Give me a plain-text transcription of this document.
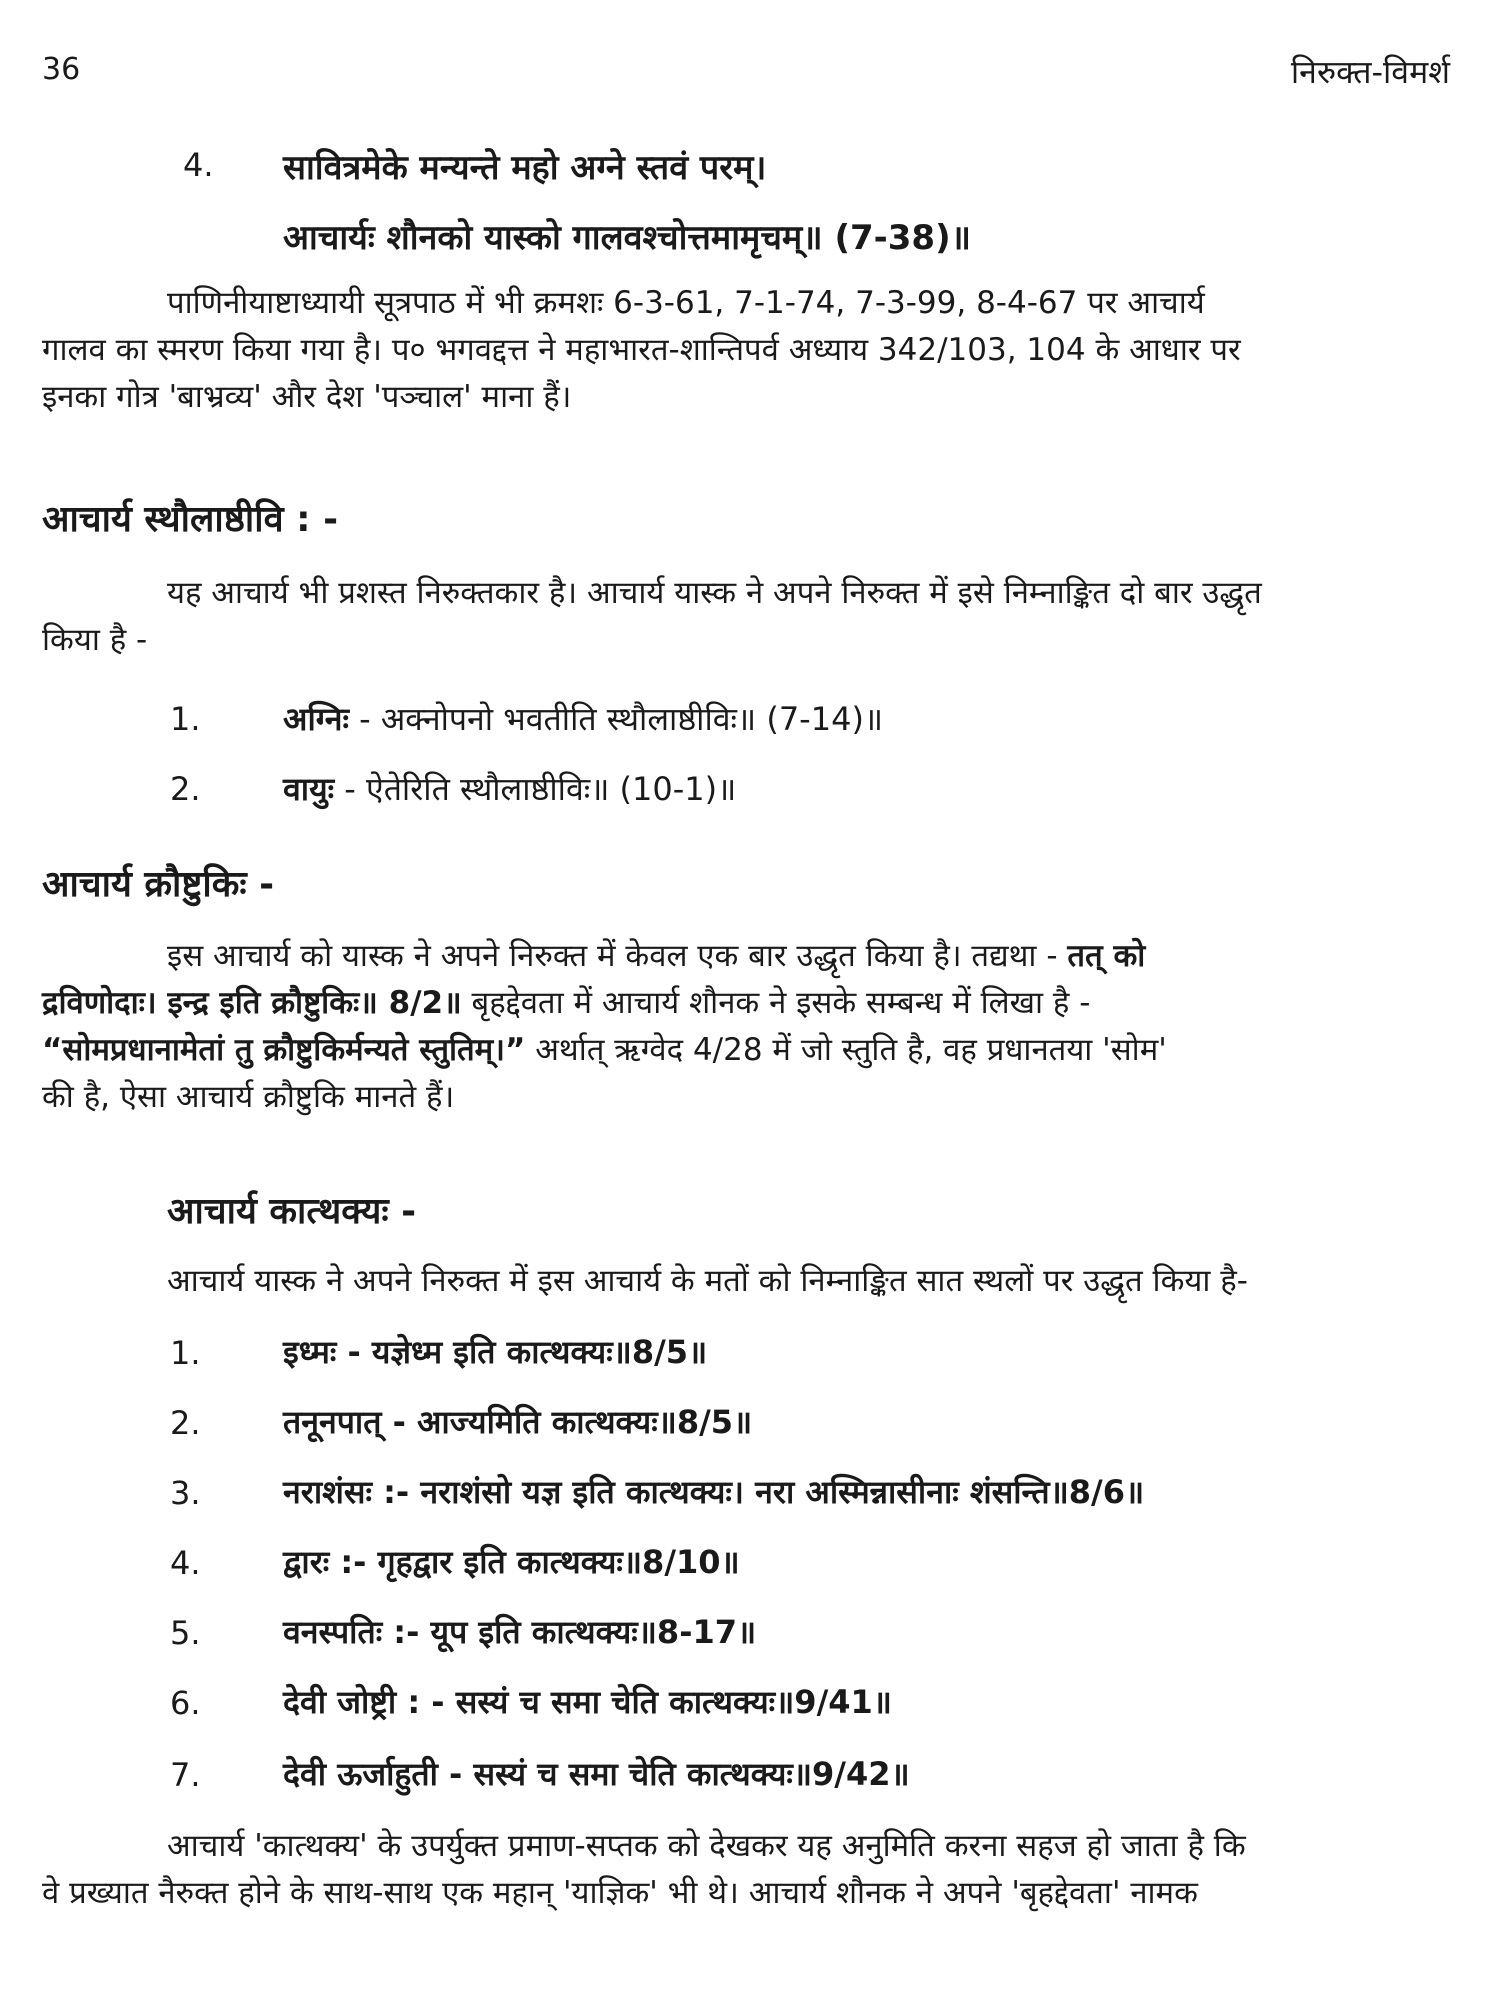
36	निरुक्त-विमर्श
4. सावित्रमेके मन्यन्ते महो अग्ने स्तवं परम्।
आचार्यः शौनको यास्को गालवश्चोत्तमामृचम्॥ (7-38)॥
पाणिनीयाष्टाध्यायी सूत्रपाठ में भी क्रमशः 6-3-61, 7-1-74, 7-3-99, 8-4-67 पर आचार्य
गालव का स्मरण किया गया है। प० भगवद्दत्त ने महाभारत-शान्तिपर्व अध्याय 342/103, 104 के आधार पर
इनका गोत्र 'बाभ्रव्य' और देश 'पञ्चाल' माना हैं।
आचार्य स्थौलाष्ठीवि : -
यह आचार्य भी प्रशस्त निरुक्तकार है। आचार्य यास्क ने अपने निरुक्त में इसे निम्नाङ्कित दो बार उद्धृत
किया है -
1.	अग्निः - अक्नोपनो भवतीति स्थौलाष्ठीविः॥ (7-14)॥
2.	वायुः - ऐतेरिति स्थौलाष्ठीविः॥ (10-1)॥
आचार्य क्रौष्टुकिः -
इस आचार्य को यास्क ने अपने निरुक्त में केवल एक बार उद्धृत किया है। तद्यथा - तत् को
द्रविणोदाः। इन्द्र इति क्रौष्टुकिः॥ 8/2॥ बृहद्देवता में आचार्य शौनक ने इसके सम्बन्ध में लिखा है -
“सोमप्रधानामेतां तु क्रौष्टुकिर्मन्यते स्तुतिम्।” अर्थात् ऋग्वेद 4/28 में जो स्तुति है, वह प्रधानतया 'सोम'
की है, ऐसा आचार्य क्रौष्टुकि मानते हैं।
आचार्य कात्थक्यः -
आचार्य यास्क ने अपने निरुक्त में इस आचार्य के मतों को निम्नाङ्कित सात स्थलों पर उद्धृत किया है-
1.	इध्मः - यज्ञेध्म इति कात्थक्यः॥8/5॥
2.	तनूनपात् - आज्यमिति कात्थक्यः॥8/5॥
3.	नराशंसः :- नराशंसो यज्ञ इति कात्थक्यः। नरा अस्मिन्नासीनाः शंसन्ति॥8/6॥
4.	द्वारः :- गृहद्वार इति कात्थक्यः॥8/10॥
5.	वनस्पतिः :- यूप इति कात्थक्यः॥8-17॥
6.	देवी जोष्ट्री : - सस्यं च समा चेति कात्थक्यः॥9/41॥
7.	देवी ऊर्जाहुती - सस्यं च समा चेति कात्थक्यः॥9/42॥
आचार्य 'कात्थक्य' के उपर्युक्त प्रमाण-सप्तक को देखकर यह अनुमिति करना सहज हो जाता है कि
वे प्रख्यात नैरुक्त होने के साथ-साथ एक महान् 'याज्ञिक' भी थे। आचार्य शौनक ने अपने 'बृहद्देवता' नामक
